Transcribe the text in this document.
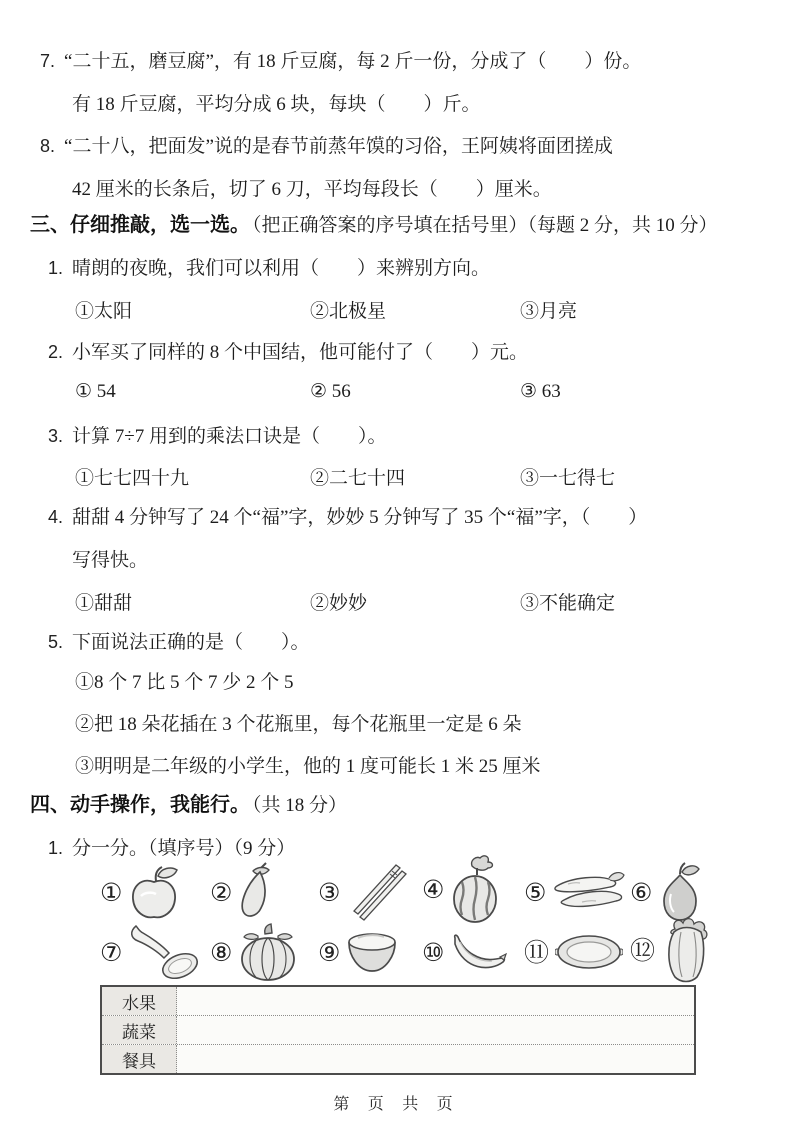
7. “二十五，磨豆腐”，有 18 斤豆腐，每 2 斤一份，分成了（　　）份。
有 18 斤豆腐，平均分成 6 块，每块（　　）斤。
8. “二十八，把面发”说的是春节前蒸年馍的习俗，王阿姨将面团搓成
42 厘米的长条后，切了 6 刀，平均每段长（　　）厘米。
三、仔细推敲，选一选。 （把正确答案的序号填在括号里）（每题 2 分，共 10 分）
1. 晴朗的夜晚，我们可以利用（　　）来辨别方向。
①太阳	②北极星	③月亮
2. 小军买了同样的 8 个中国结，他可能付了（　　）元。
① 54	② 56	③ 63
3. 计算 7÷7 用到的乘法口诀是（　　）。
①七七四十九	②二七十四	③一七得七
4. 甜甜 4 分钟写了 24 个“福”字，妙妙 5 分钟写了 35 个“福”字，（　　）
写得快。
①甜甜	②妙妙	③不能确定
5. 下面说法正确的是（　　）。
①8 个 7 比 5 个 7 少 2 个 5
②把 18 朵花插在 3 个花瓶里，每个花瓶里一定是 6 朵
③明明是二年级的小学生，他的 1 度可能长 1 米 25 厘米
四、动手操作，我能行。 （共 18 分）
1. 分一分。（填序号）（9 分）
①	②	③	④	⑤	⑥
⑦	⑧	⑨	⑩	⑪	⑫
水果
蔬菜
餐具
第 页 共 页
